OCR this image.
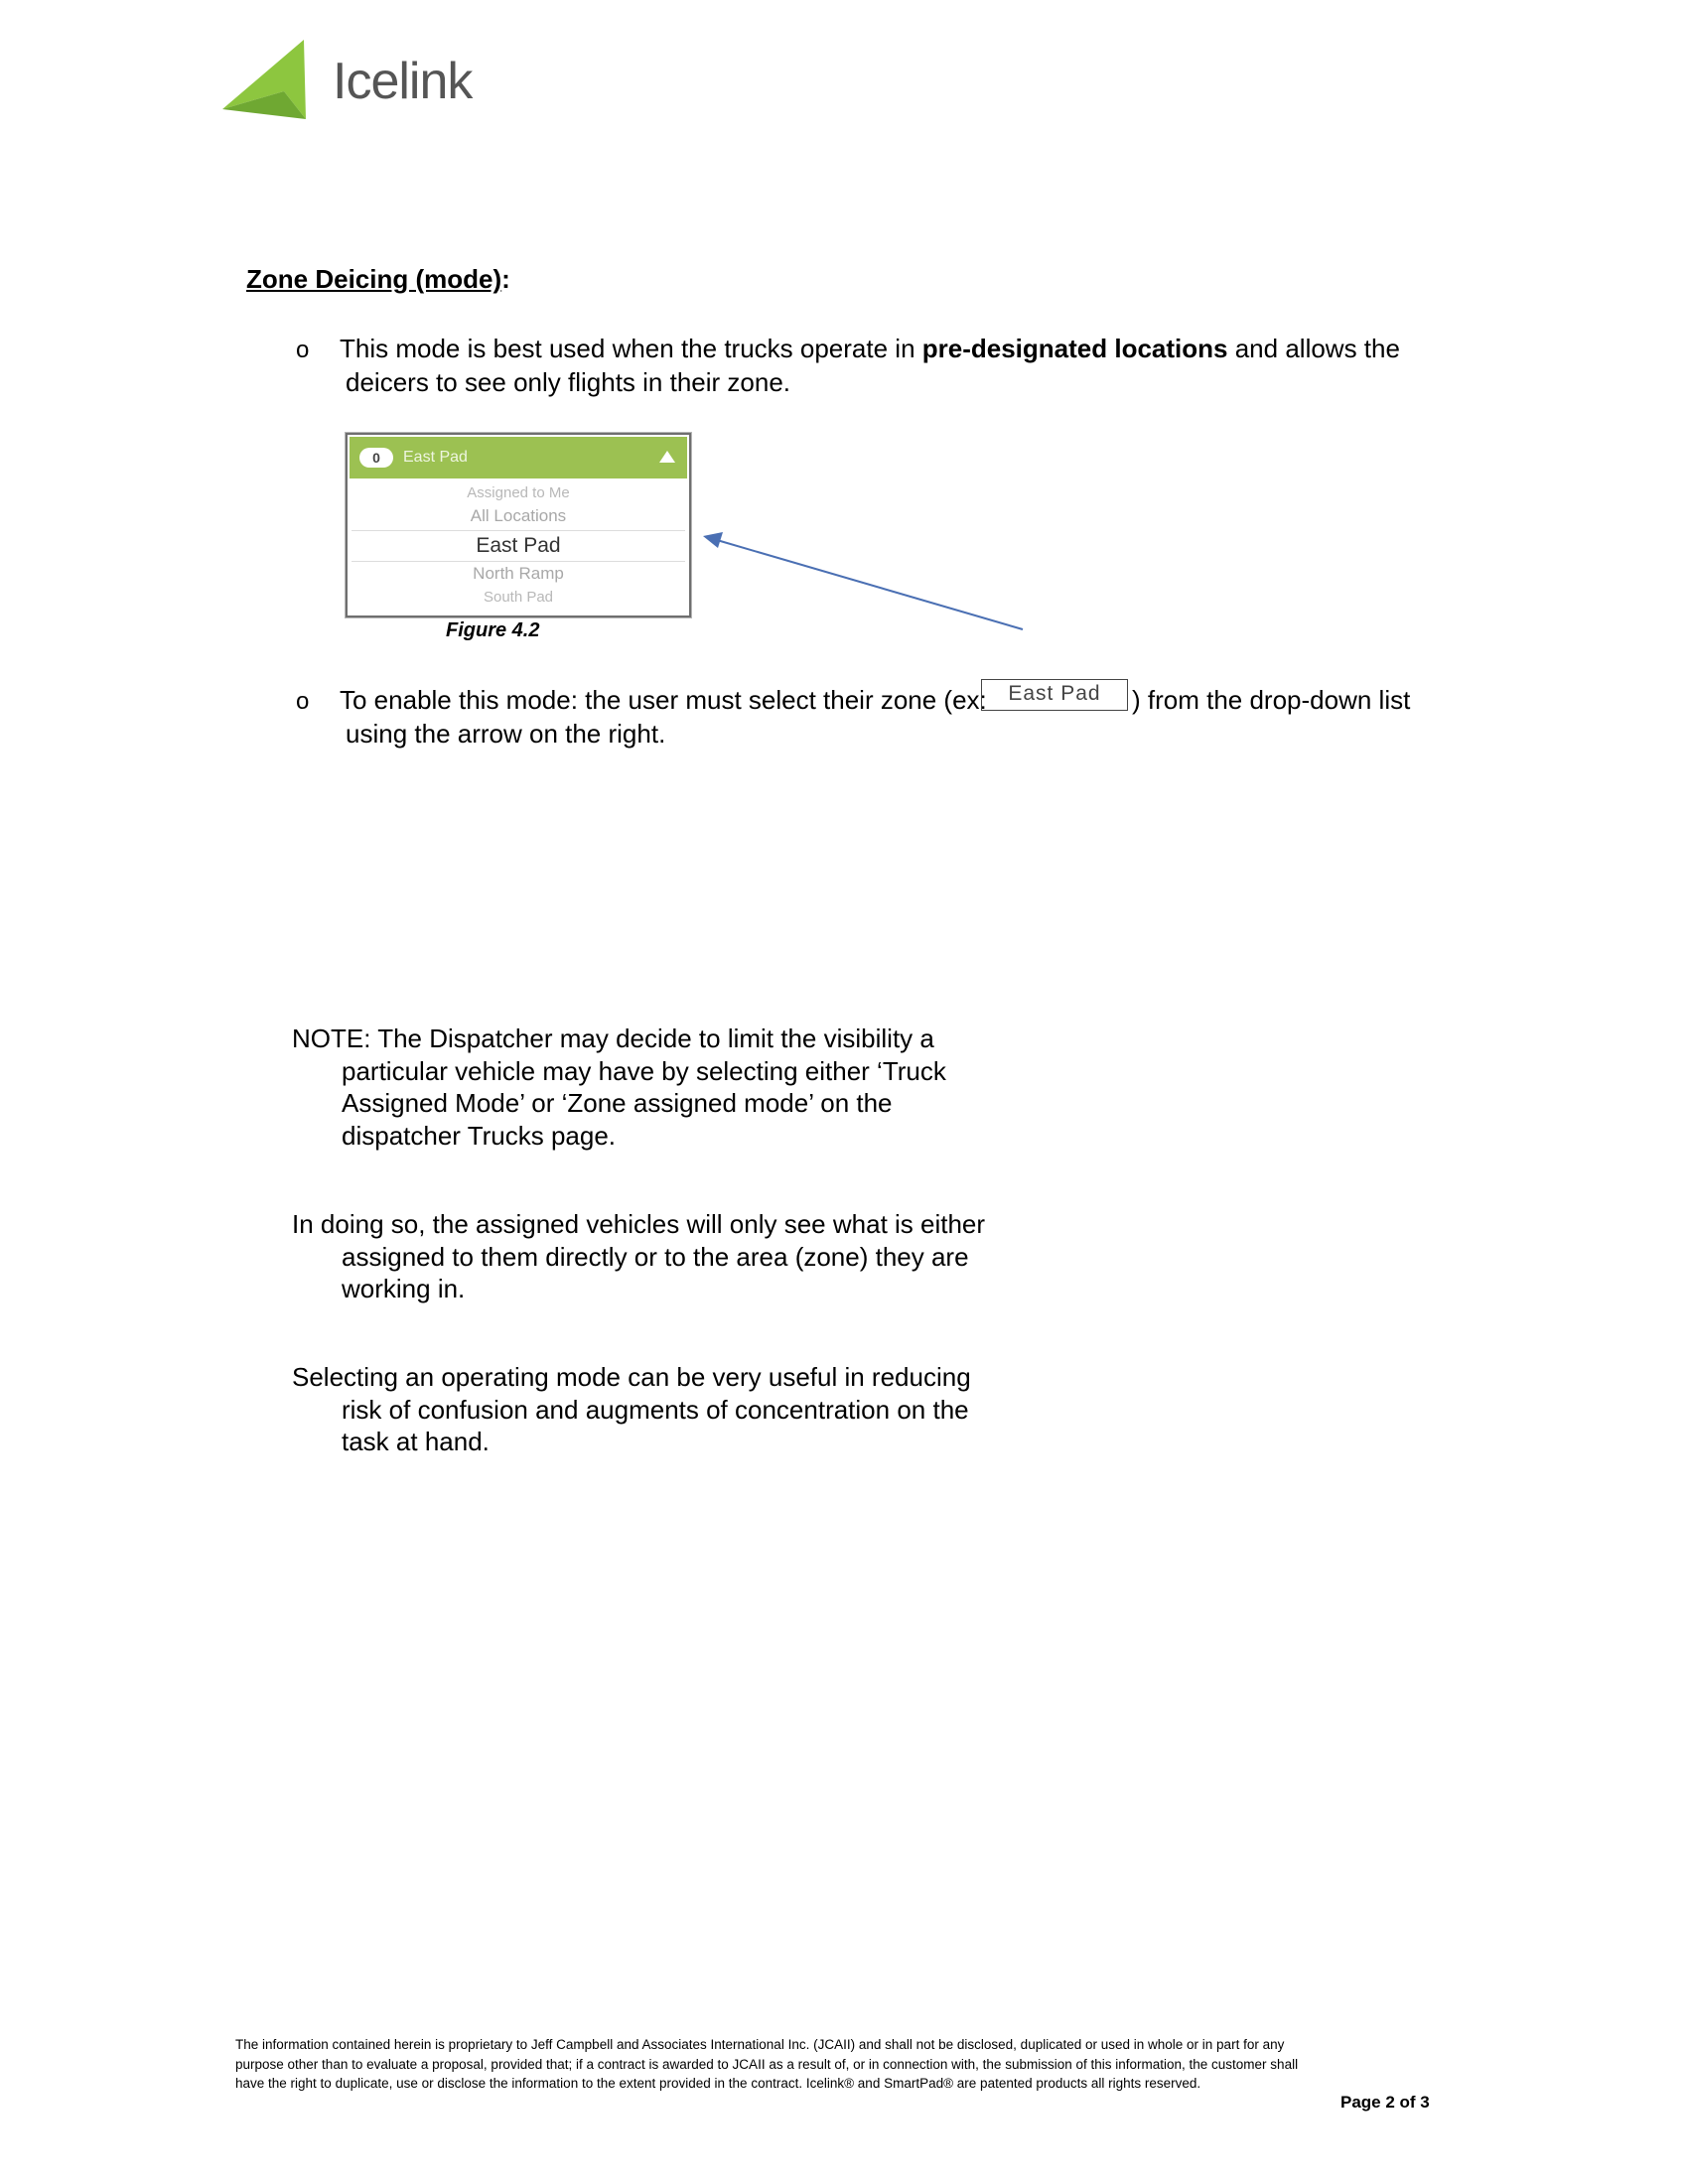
Icelink
Zone Deicing (mode):
o This mode is best used when the trucks operate in pre-designated locations and allows the
deicers to see only flights in their zone.
0	East Pad
Assigned to Me
All Locations
East Pad
North Ramp
South Pad
Figure 4.2
o To enable this mode: the user must select their zone (ex:	East Pad	) from the drop-down list
using the arrow on the right.
NOTE: The Dispatcher may decide to limit the visibility a
particular vehicle may have by selecting either ‘Truck
Assigned Mode’ or ‘Zone assigned mode’ on the
dispatcher Trucks page.
In doing so, the assigned vehicles will only see what is either
assigned to them directly or to the area (zone) they are
working in.
Selecting an operating mode can be very useful in reducing
risk of confusion and augments of concentration on the
task at hand.
The information contained herein is proprietary to Jeff Campbell and Associates International Inc. (JCAII) and shall not be disclosed, duplicated or used in whole or in part for any
purpose other than to evaluate a proposal, provided that; if a contract is awarded to JCAII as a result of, or in connection with, the submission of this information, the customer shall
have the right to duplicate, use or disclose the information to the extent provided in the contract. Icelink® and SmartPad® are patented products all rights reserved.
Page 2 of 3
